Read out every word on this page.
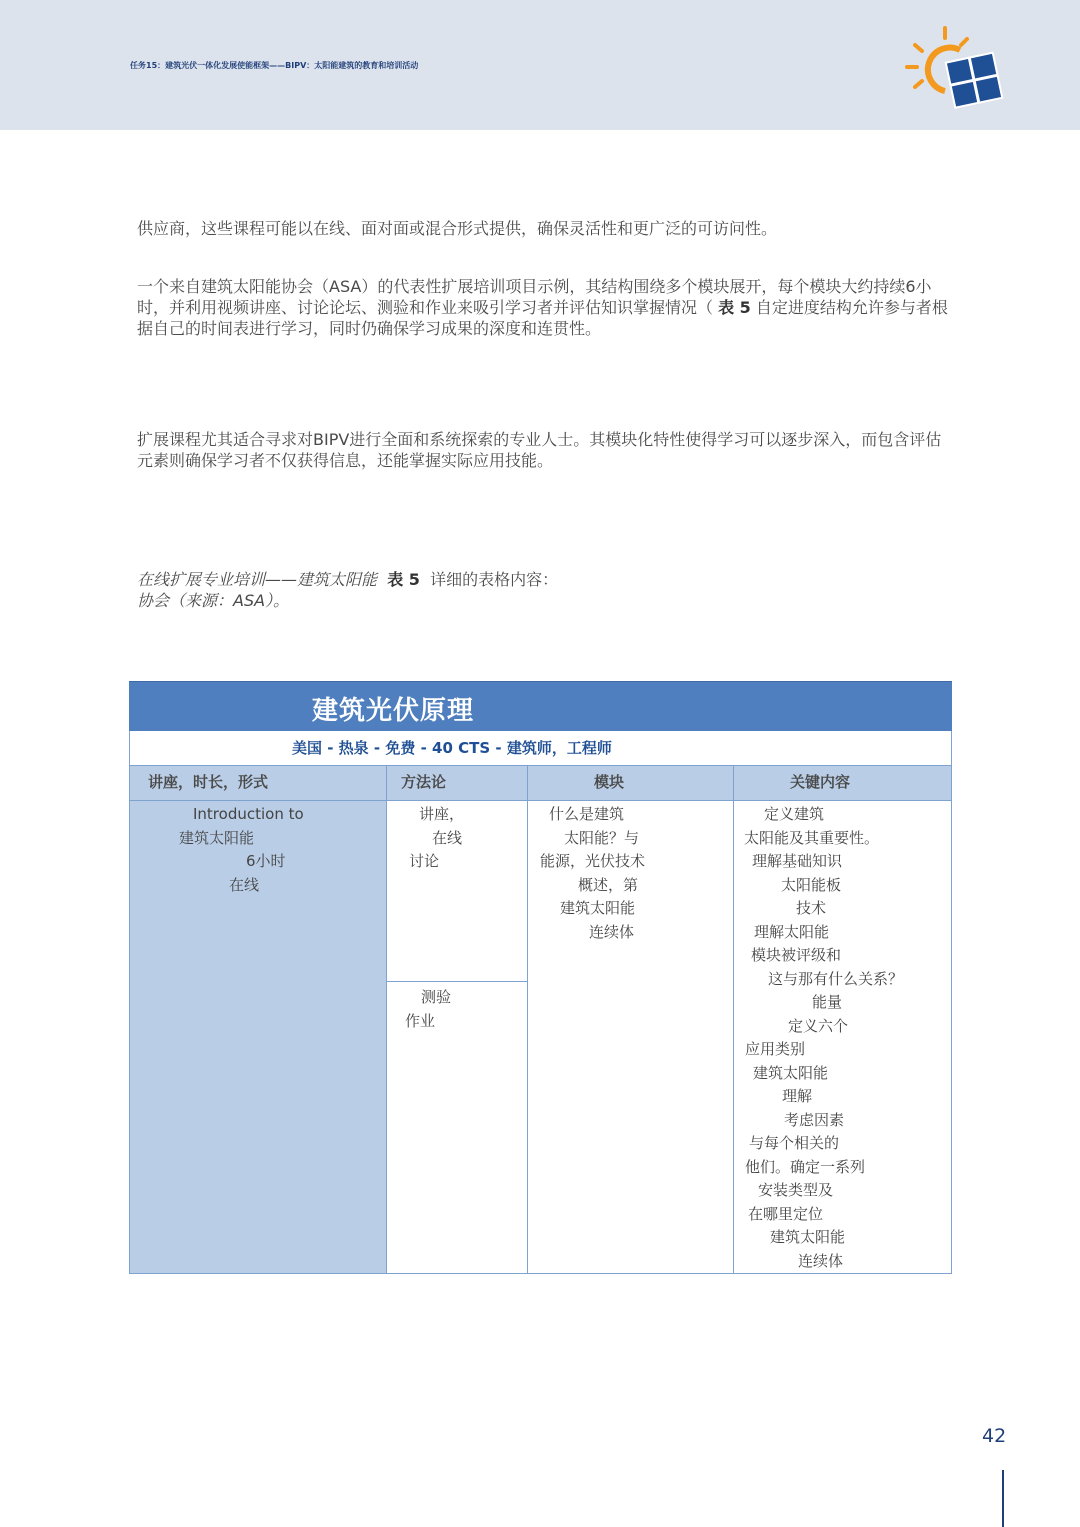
任务15：建筑光伏一体化发展使能框架——BIPV：太阳能建筑的教育和培训活动

供应商，这些课程可能以在线、面对面或混合形式提供，确保灵活性和更广泛的可访问性。

一个来自建筑太阳能协会（ASA）的代表性扩展培训项目示例，其结构围绕多个模块展开，每个模块大约持续6小时，并利用视频讲座、讨论论坛、测验和作业来吸引学习者并评估知识掌握情况（ 表 5 自定进度结构允许参与者根据自己的时间表进行学习，同时仍确保学习成果的深度和连贯性。

扩展课程尤其适合寻求对BIPV进行全面和系统探索的专业人士。其模块化特性使得学习可以逐步深入，而包含评估元素则确保学习者不仅获得信息，还能掌握实际应用技能。

在线扩展专业培训——建筑太阳能 表 5 详细的表格内容：
协会（来源：ASA）。

建筑光伏原理
美国 - 热泉 - 免费 - 40 CTS - 建筑师，工程师
讲座，时长，形式
Introduction to
建筑太阳能
6小时
在线
方法论
讲座，
在线
讨论
测验
作业
模块
什么是建筑
太阳能？与
能源，光伏技术
概述，第
建筑太阳能
连续体
关键内容
定义建筑
太阳能及其重要性。
理解基础知识
太阳能板
技术
理解太阳能
模块被评级和
这与那有什么关系？
能量
定义六个
应用类别
建筑太阳能
理解
考虑因素
与每个相关的
他们。确定一系列
安装类型及
在哪里定位
建筑太阳能
连续体
42
